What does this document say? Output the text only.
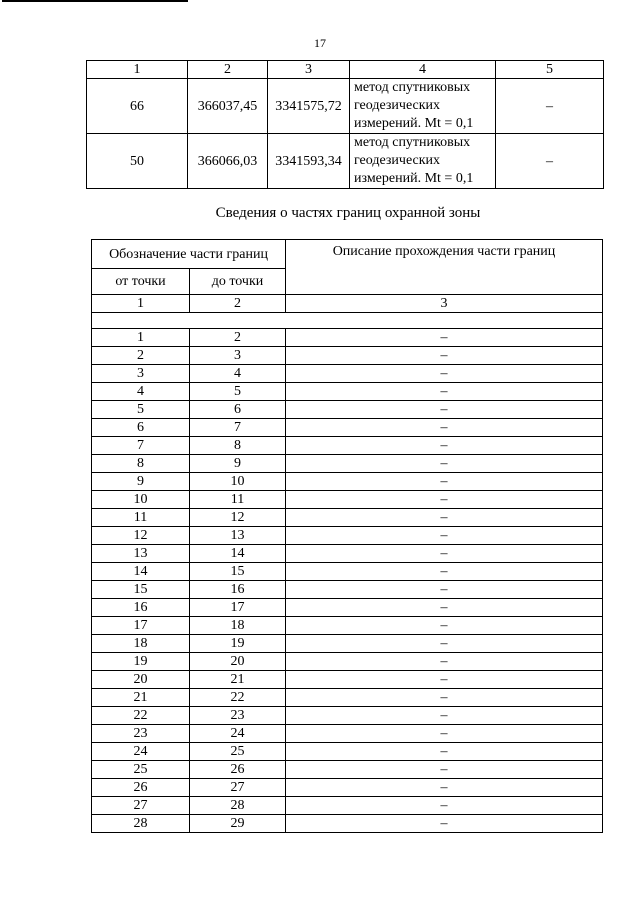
17
1	2	3	4	5
66	366037,45	3341575,72	метод спутниковых
геодезических
измерений. Mt = 0,1	–
50	366066,03	3341593,34	метод спутниковых
геодезических
измерений. Mt = 0,1	–
Сведения о частях границ охранной зоны
Обозначение части границ		Описание прохождения части границ
от точки	до точки	
1	2	3

1	2	–
2	3	–
3	4	–
4	5	–
5	6	–
6	7	–
7	8	–
8	9	–
9	10	–
10	11	–
11	12	–
12	13	–
13	14	–
14	15	–
15	16	–
16	17	–
17	18	–
18	19	–
19	20	–
20	21	–
21	22	–
22	23	–
23	24	–
24	25	–
25	26	–
26	27	–
27	28	–
28	29	–
